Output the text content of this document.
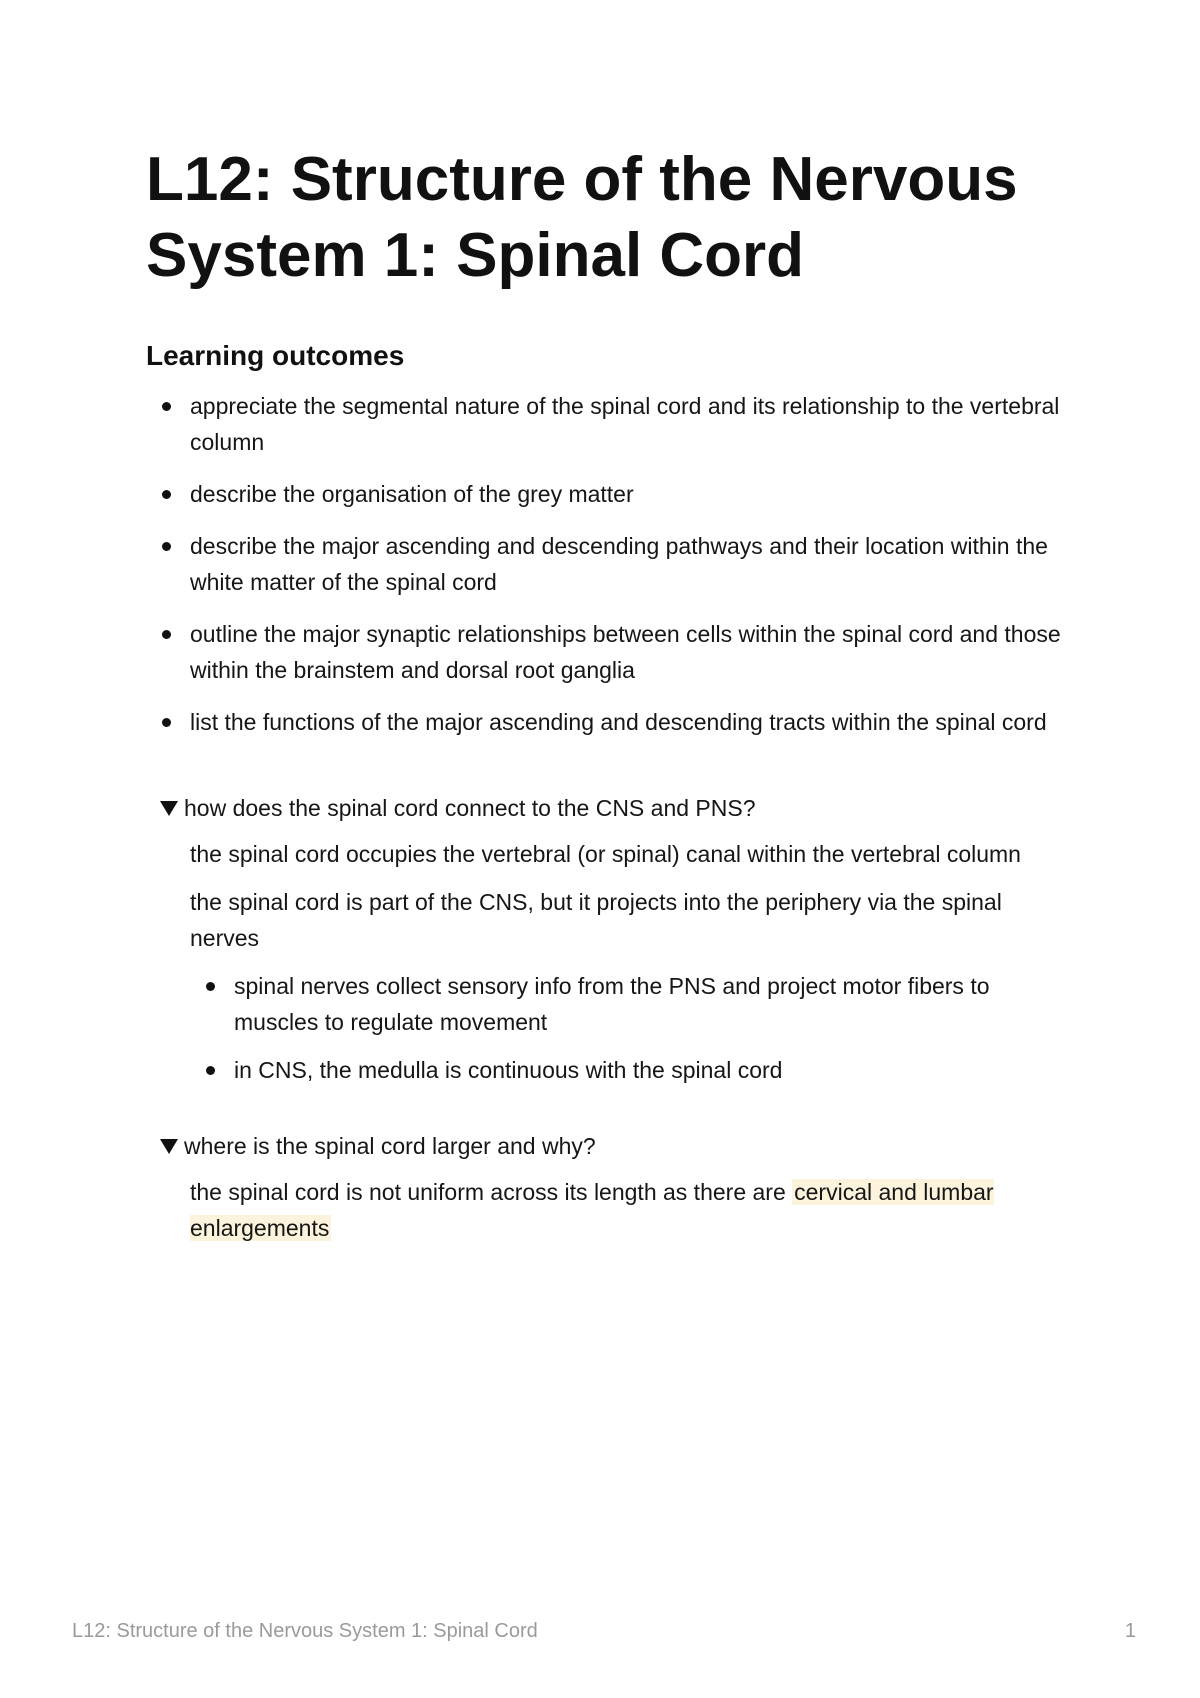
L12: Structure of the Nervous System 1: Spinal Cord
Learning outcomes
appreciate the segmental nature of the spinal cord and its relationship to the vertebral column
describe the organisation of the grey matter
describe the major ascending and descending pathways and their location within the white matter of the spinal cord
outline the major synaptic relationships between cells within the spinal cord and those within the brainstem and dorsal root ganglia
list the functions of the major ascending and descending tracts within the spinal cord
how does the spinal cord connect to the CNS and PNS?

the spinal cord occupies the vertebral (or spinal) canal within the vertebral column

the spinal cord is part of the CNS, but it projects into the periphery via the spinal nerves

spinal nerves collect sensory info from the PNS and project motor fibers to muscles to regulate movement
in CNS, the medulla is continuous with the spinal cord
where is the spinal cord larger and why?

the spinal cord is not uniform across its length as there are cervical and lumbar enlargements

L12: Structure of the Nervous System 1: Spinal Cord	1
